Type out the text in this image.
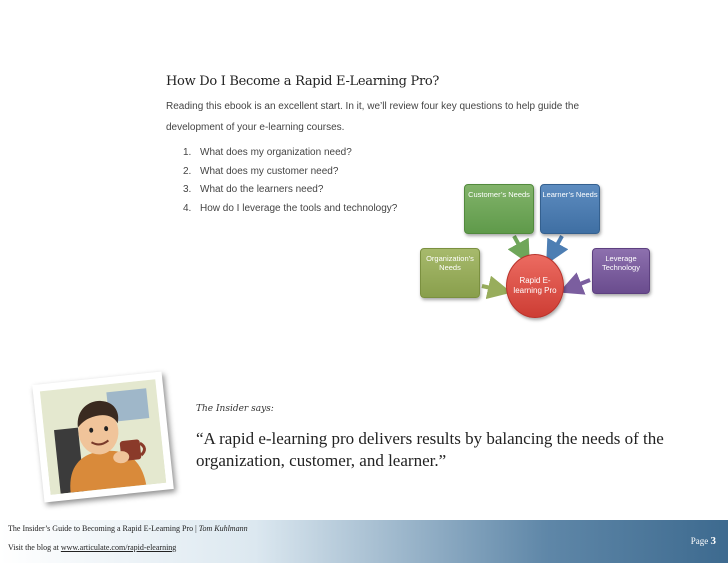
How Do I Become a Rapid E-Learning Pro?

Reading this ebook is an excellent start. In it, we’ll review four key questions to help guide the development of your e-learning courses.

1. What does my organization need?
2. What does my customer need?
3. What do the learners need?
4. How do I leverage the tools and technology?
Customer’s Needs	Learner’s Needs
Organization’s Needs
Leverage Technology
Rapid E-learning Pro
The Insider says:
“A rapid e-learning pro delivers results by balancing the needs of the organization, customer, and learner.”
The Insider’s Guide to Becoming a Rapid E-Learning Pro | Tom Kuhlmann
Visit the blog at www.articulate.com/rapid-elearning
Page 3
